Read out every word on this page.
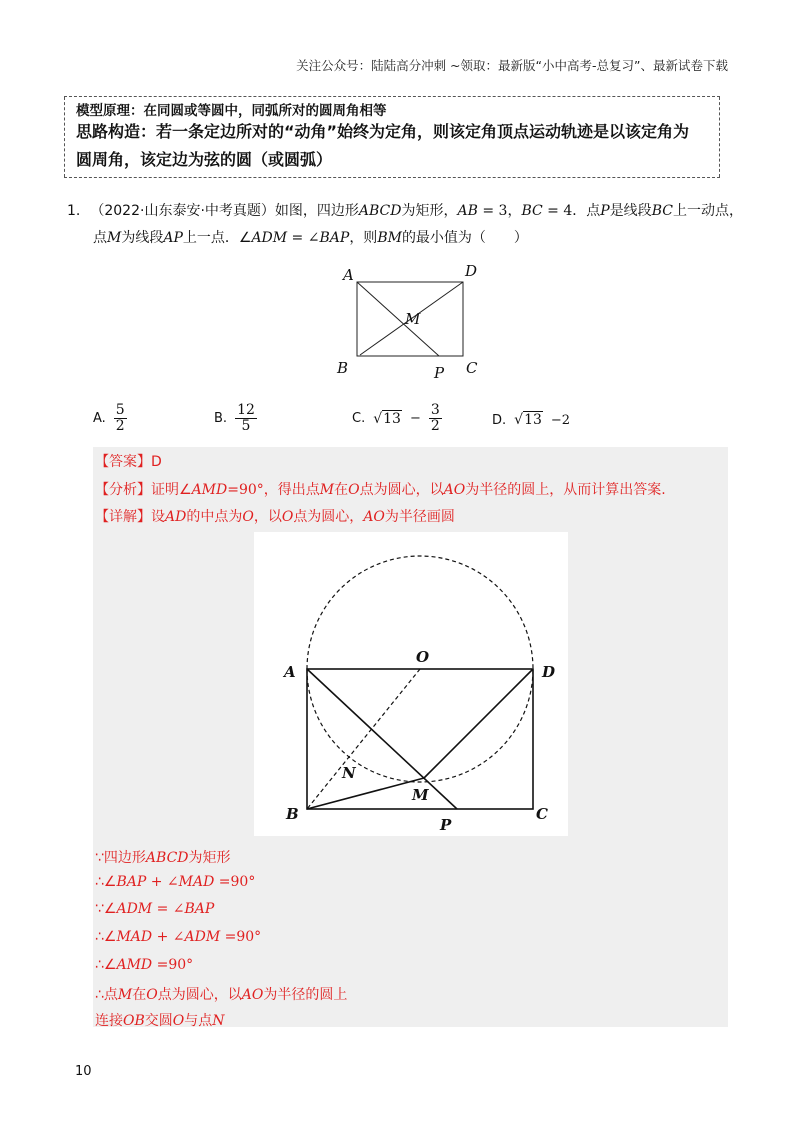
关注公众号：陆陆高分冲刺 ~领取：最新版“小中高考-总复习”、最新试卷下载
模型原理：在同圆或等圆中，同弧所对的圆周角相等
思路构造：若一条定边所对的“动角”始终为定角，则该定角顶点运动轨迹是以该定角为
圆周角，该定边为弦的圆（或圆弧）
1. （2022·山东泰安·中考真题）如图，四边形ABCD为矩形，AB = 3，BC = 4．点P是线段BC上一动点，
点M为线段AP上一点．∠ADM = ∠BAP，则BM的最小值为（　　）
A	D
M
B	P C
A. $\frac{5}{2}$	B. $\frac{12}{5}$	C. $√13 - \frac{3}{2}$	D. √13 −2
【答案】D
【分析】证明∠AMD=90°，得出点M在O点为圆心，以AO为半径的圆上，从而计算出答案.
【详解】设AD的中点为O，以O点为圆心，AO为半径画圆
A
O
D
N
M
B
P
C
∵四边形ABCD为矩形
∴∠BAP + ∠MAD =90°
∵∠ADM = ∠BAP
∴∠MAD + ∠ADM =90°
∴∠AMD =90°
∴点M在O点为圆心，以AO为半径的圆上
连接OB交圆O与点N
10
